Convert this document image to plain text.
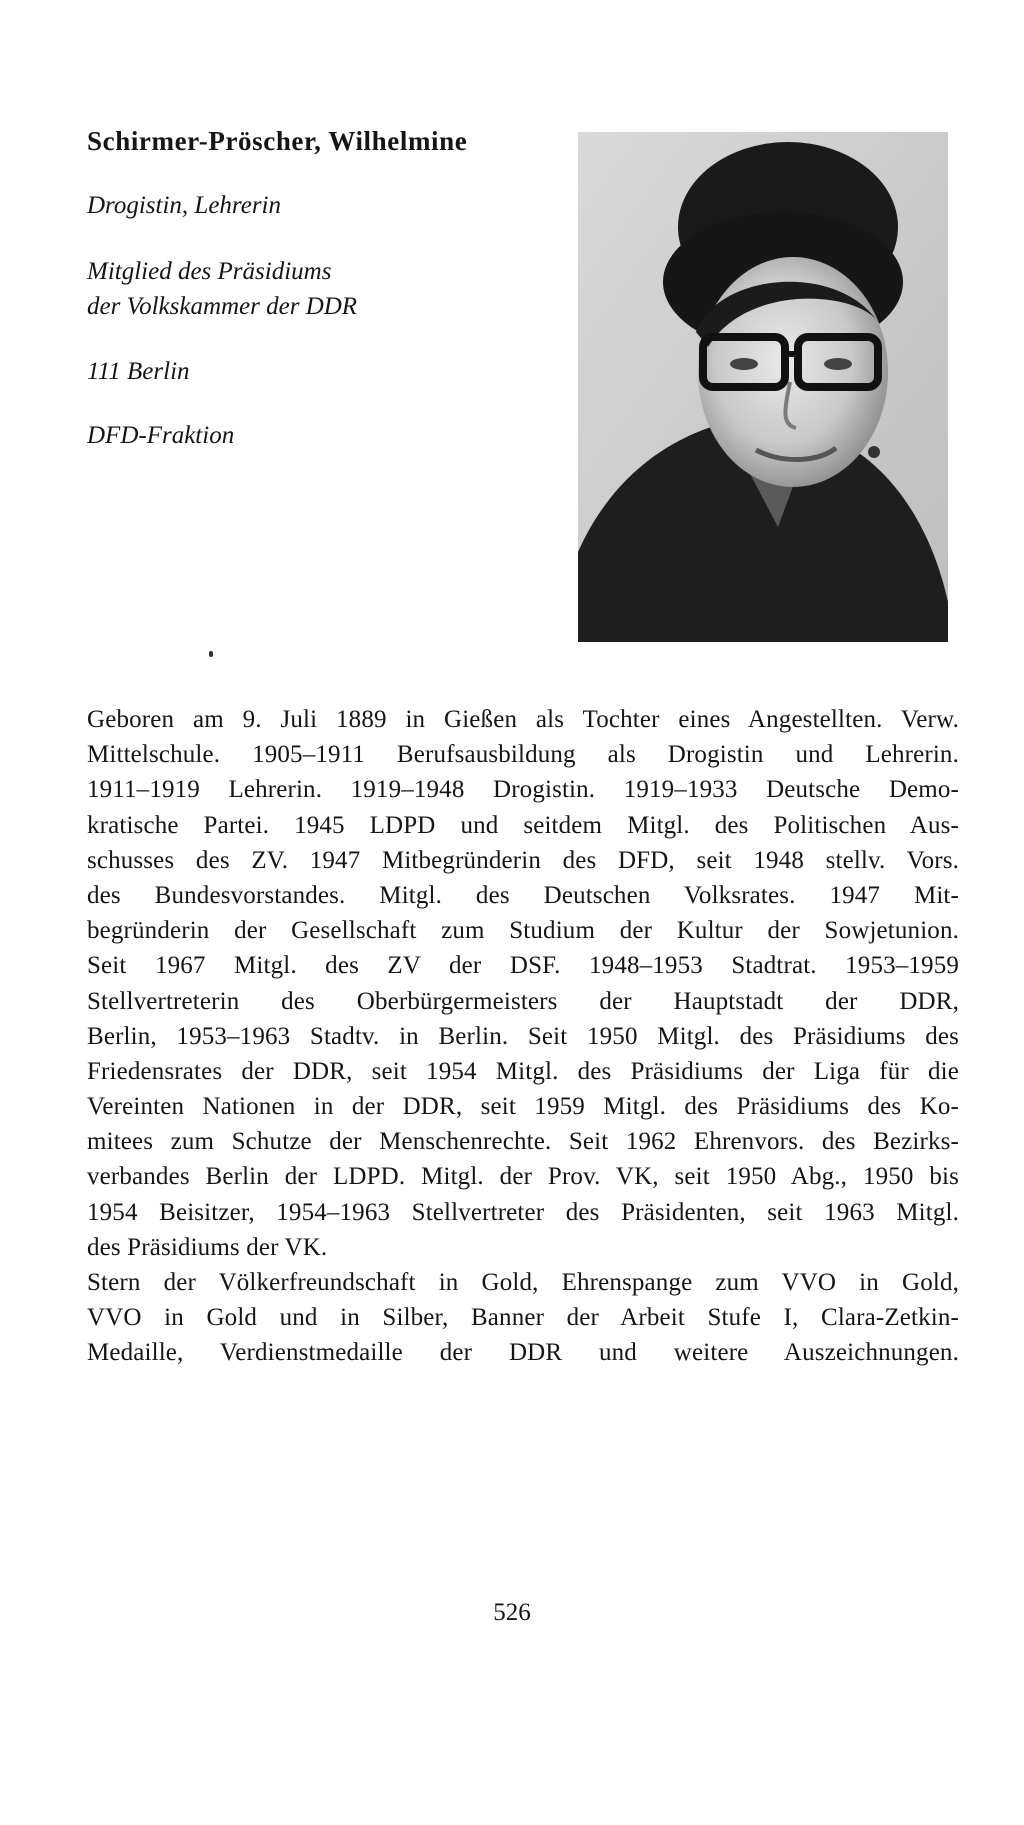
Schirmer-Pröscher, Wilhelmine

Drogistin, Lehrerin

Mitglied des Präsidiums
der Volkskammer der DDR

111 Berlin

DFD-Fraktion

Geboren am 9. Juli 1889 in Gießen als Tochter eines Angestellten. Verw.
Mittelschule. 1905–1911 Berufsausbildung als Drogistin und Lehrerin.
1911–1919 Lehrerin. 1919–1948 Drogistin. 1919–1933 Deutsche Demo-
kratische Partei. 1945 LDPD und seitdem Mitgl. des Politischen Aus-
schusses des ZV. 1947 Mitbegründerin des DFD, seit 1948 stellv. Vors.
des Bundesvorstandes. Mitgl. des Deutschen Volksrates. 1947 Mit-
begründerin der Gesellschaft zum Studium der Kultur der Sowjetunion.
Seit 1967 Mitgl. des ZV der DSF. 1948–1953 Stadtrat. 1953–1959
Stellvertreterin des Oberbürgermeisters der Hauptstadt der DDR,
Berlin, 1953–1963 Stadtv. in Berlin. Seit 1950 Mitgl. des Präsidiums des
Friedensrates der DDR, seit 1954 Mitgl. des Präsidiums der Liga für die
Vereinten Nationen in der DDR, seit 1959 Mitgl. des Präsidiums des Ko-
mitees zum Schutze der Menschenrechte. Seit 1962 Ehrenvors. des Bezirks-
verbandes Berlin der LDPD. Mitgl. der Prov. VK, seit 1950 Abg., 1950 bis
1954 Beisitzer, 1954–1963 Stellvertreter des Präsidenten, seit 1963 Mitgl.
des Präsidiums der VK.
Stern der Völkerfreundschaft in Gold, Ehrenspange zum VVO in Gold,
VVO in Gold und in Silber, Banner der Arbeit Stufe I, Clara-Zetkin-
Medaille, Verdienstmedaille der DDR und weitere Auszeichnungen.
526
